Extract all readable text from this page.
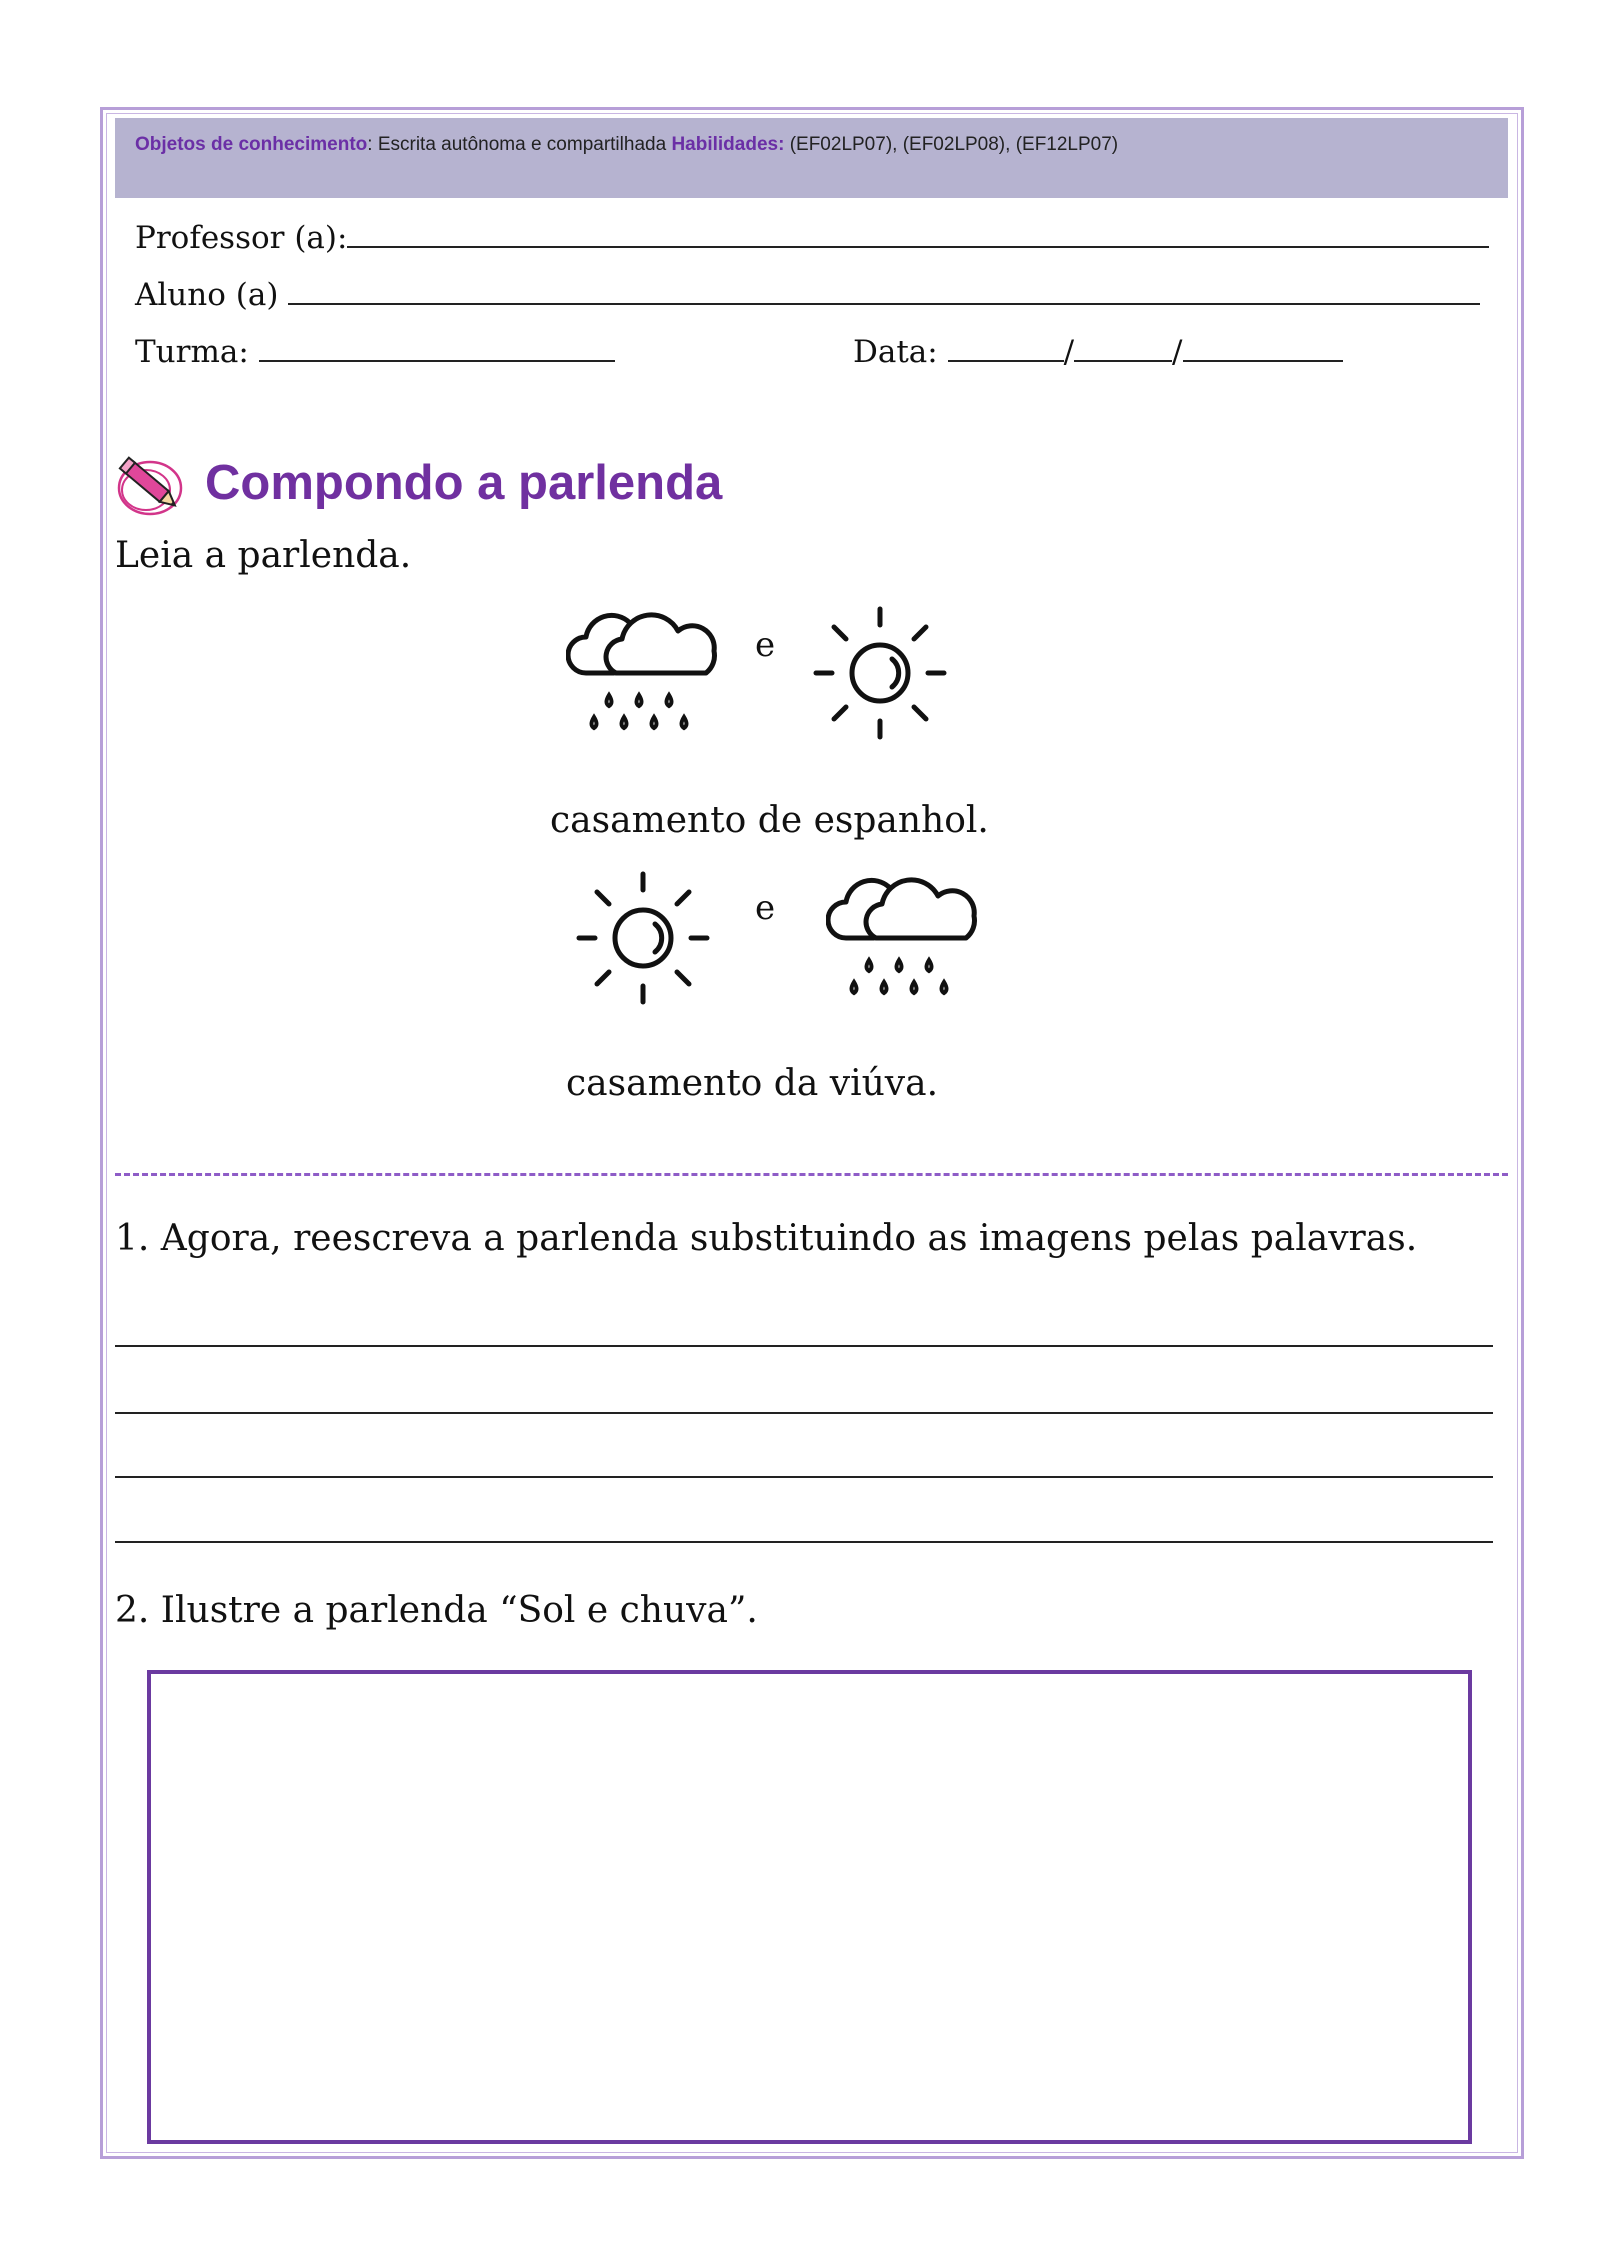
Objetos de conhecimento: Escrita autônoma e compartilhada Habilidades: (EF02LP07), (EF02LP08), (EF12LP07)
Professor (a):
Aluno (a)
Turma:	Data:	/	/
Compondo a parlenda
Leia a parlenda.
e
casamento de espanhol.
e
casamento da viúva.
1. Agora, reescreva a parlenda substituindo as imagens pelas palavras.
2. Ilustre a parlenda “Sol e chuva”.
